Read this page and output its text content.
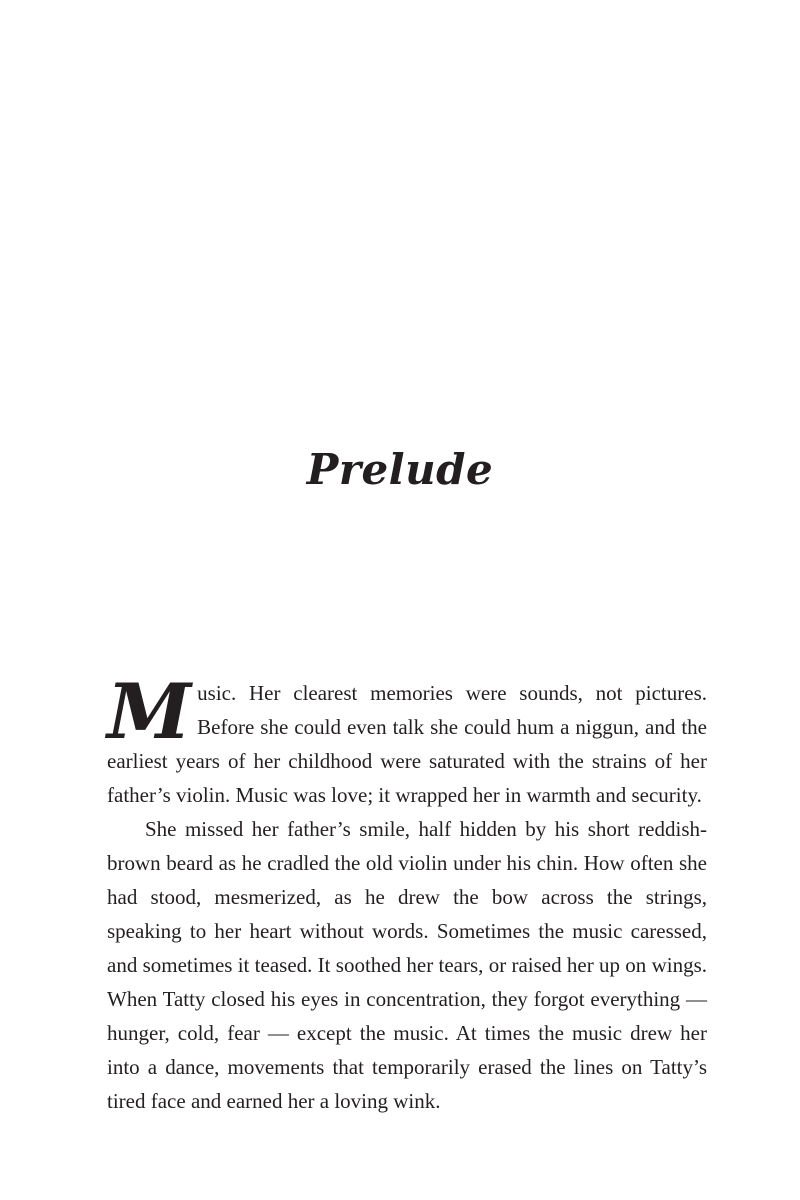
Prelude

Music. Her clearest memories were sounds, not pictures. Before she could even talk she could hum a niggun, and the earliest years of her childhood were saturated with the strains of her father’s violin. Music was love; it wrapped her in warmth and security.

She missed her father’s smile, half hidden by his short reddish-brown beard as he cradled the old violin under his chin. How often she had stood, mesmerized, as he drew the bow across the strings, speaking to her heart without words. Sometimes the music caressed, and sometimes it teased. It soothed her tears, or raised her up on wings. When Tatty closed his eyes in concentration, they forgot everything — hunger, cold, fear — except the music. At times the music drew her into a dance, movements that temporarily erased the lines on Tatty’s tired face and earned her a loving wink.
